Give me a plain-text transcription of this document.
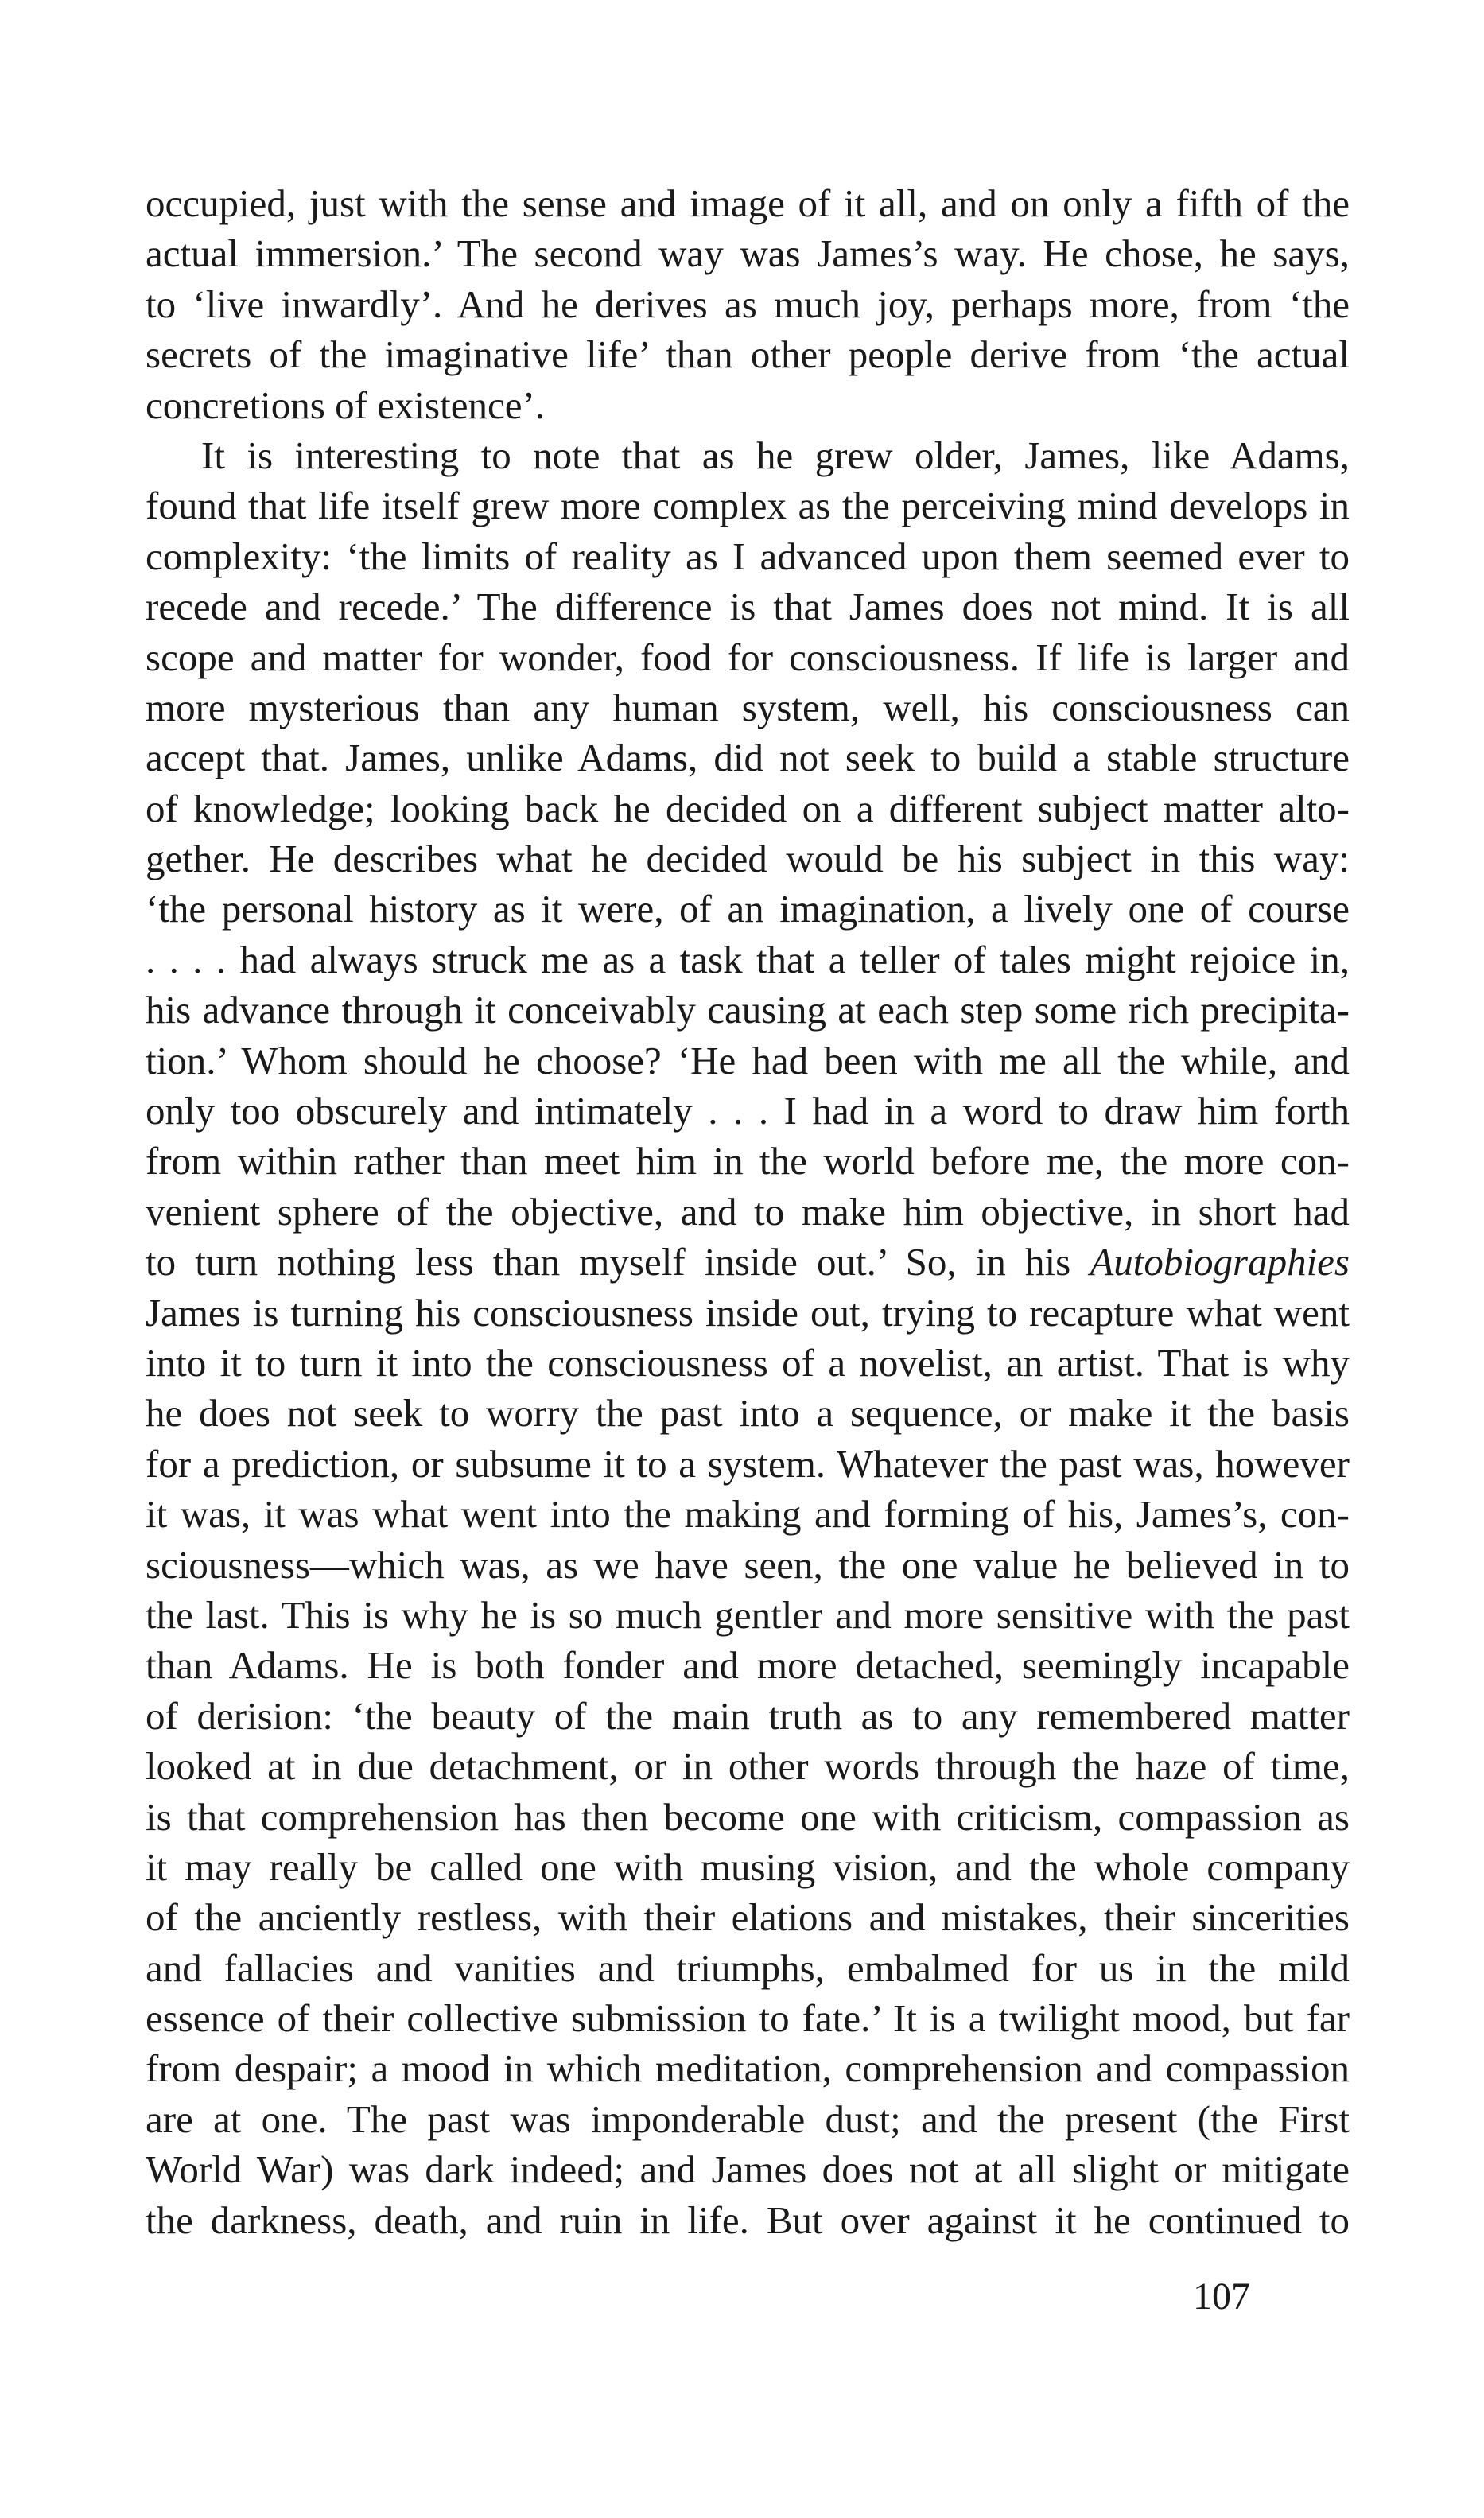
occupied, just with the sense and image of it all, and on only a fifth of the
actual immersion.’ The second way was James’s way. He chose, he says,
to ‘live inwardly’. And he derives as much joy, perhaps more, from ‘the
secrets of the imaginative life’ than other people derive from ‘the actual
concretions of existence’.
It is interesting to note that as he grew older, James, like Adams,
found that life itself grew more complex as the perceiving mind develops in
complexity: ‘the limits of reality as I advanced upon them seemed ever to
recede and recede.’ The difference is that James does not mind. It is all
scope and matter for wonder, food for consciousness. If life is larger and
more mysterious than any human system, well, his consciousness can
accept that. James, unlike Adams, did not seek to build a stable structure
of knowledge; looking back he decided on a different subject matter alto-
gether. He describes what he decided would be his subject in this way:
‘the personal history as it were, of an imagination, a lively one of course
. . . . had always struck me as a task that a teller of tales might rejoice in,
his advance through it conceivably causing at each step some rich precipita-
tion.’ Whom should he choose? ‘He had been with me all the while, and
only too obscurely and intimately . . . I had in a word to draw him forth
from within rather than meet him in the world before me, the more con-
venient sphere of the objective, and to make him objective, in short had
to turn nothing less than myself inside out.’ So, in his Autobiographies
James is turning his consciousness inside out, trying to recapture what went
into it to turn it into the consciousness of a novelist, an artist. That is why
he does not seek to worry the past into a sequence, or make it the basis
for a prediction, or subsume it to a system. Whatever the past was, however
it was, it was what went into the making and forming of his, James’s, con-
sciousness—which was, as we have seen, the one value he believed in to
the last. This is why he is so much gentler and more sensitive with the past
than Adams. He is both fonder and more detached, seemingly incapable
of derision: ‘the beauty of the main truth as to any remembered matter
looked at in due detachment, or in other words through the haze of time,
is that comprehension has then become one with criticism, compassion as
it may really be called one with musing vision, and the whole company
of the anciently restless, with their elations and mistakes, their sincerities
and fallacies and vanities and triumphs, embalmed for us in the mild
essence of their collective submission to fate.’ It is a twilight mood, but far
from despair; a mood in which meditation, comprehension and compassion
are at one. The past was imponderable dust; and the present (the First
World War) was dark indeed; and James does not at all slight or mitigate
the darkness, death, and ruin in life. But over against it he continued to
107
